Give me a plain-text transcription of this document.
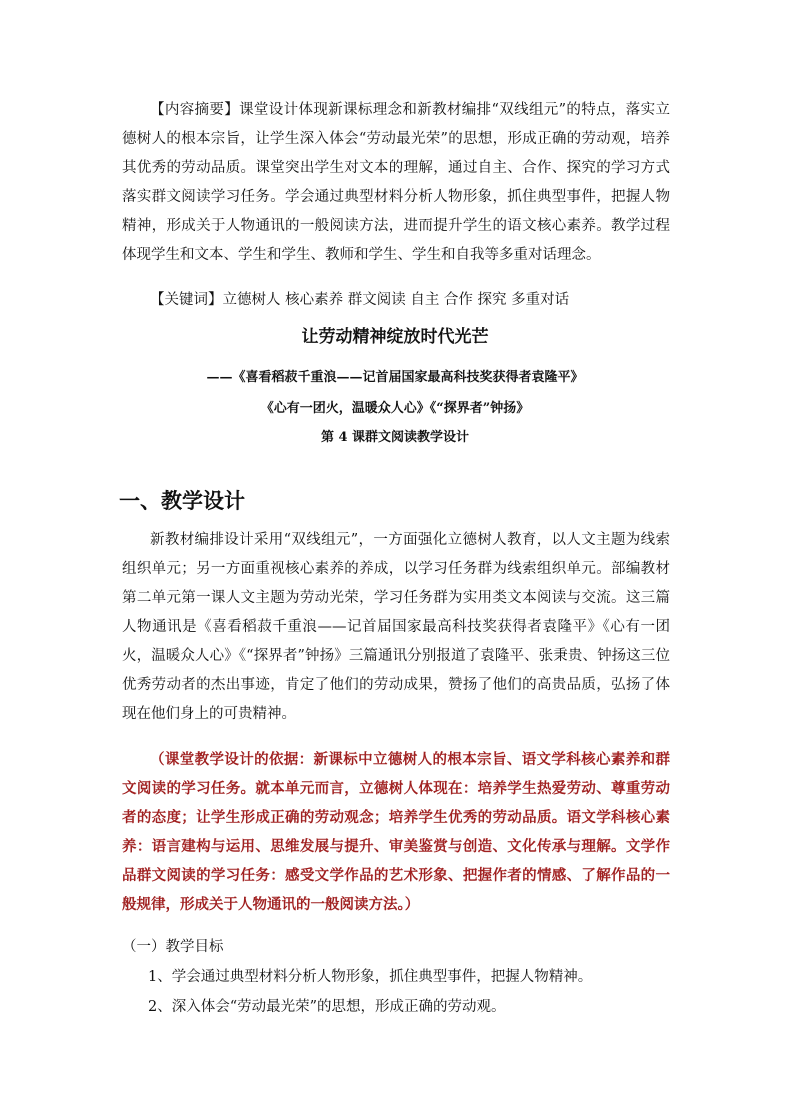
【内容摘要】课堂设计体现新课标理念和新教材编排“双线组元”的特点，落实立德树人的根本宗旨，让学生深入体会“劳动最光荣”的思想，形成正确的劳动观，培养其优秀的劳动品质。课堂突出学生对文本的理解，通过自主、合作、探究的学习方式落实群文阅读学习任务。学会通过典型材料分析人物形象，抓住典型事件，把握人物精神，形成关于人物通讯的一般阅读方法，进而提升学生的语文核心素养。教学过程体现学生和文本、学生和学生、教师和学生、学生和自我等多重对话理念。

【关键词】立德树人 核心素养 群文阅读 自主 合作 探究 多重对话

让劳动精神绽放时代光芒

——《喜看稻菽千重浪——记首届国家最高科技奖获得者袁隆平》

《心有一团火，温暖众人心》《“探界者”钟扬》

第 4 课群文阅读教学设计

一、教学设计

新教材编排设计采用“双线组元”，一方面强化立德树人教育，以人文主题为线索组织单元；另一方面重视核心素养的养成，以学习任务群为线索组织单元。部编教材第二单元第一课人文主题为劳动光荣，学习任务群为实用类文本阅读与交流。这三篇人物通讯是《喜看稻菽千重浪——记首届国家最高科技奖获得者袁隆平》《心有一团火，温暖众人心》《“探界者”钟扬》三篇通讯分别报道了袁隆平、张秉贵、钟扬这三位优秀劳动者的杰出事迹，肯定了他们的劳动成果，赞扬了他们的高贵品质，弘扬了体现在他们身上的可贵精神。

（课堂教学设计的依据：新课标中立德树人的根本宗旨、语文学科核心素养和群文阅读的学习任务。就本单元而言，立德树人体现在：培养学生热爱劳动、尊重劳动者的态度；让学生形成正确的劳动观念；培养学生优秀的劳动品质。语文学科核心素养：语言建构与运用、思维发展与提升、审美鉴赏与创造、文化传承与理解。文学作品群文阅读的学习任务：感受文学作品的艺术形象、把握作者的情感、了解作品的一般规律，形成关于人物通讯的一般阅读方法。）

（一）教学目标

1、学会通过典型材料分析人物形象，抓住典型事件，把握人物精神。

2、深入体会“劳动最光荣”的思想，形成正确的劳动观。
